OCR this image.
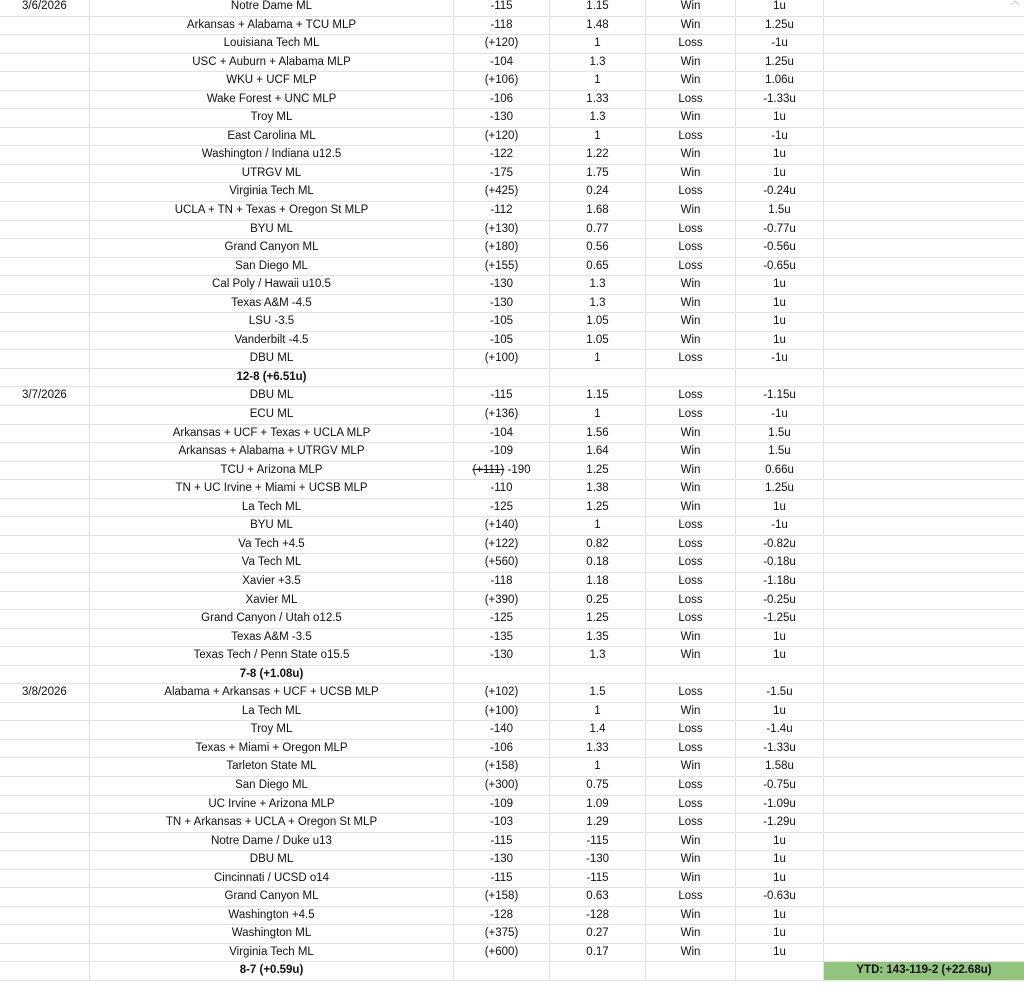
3/6/2026	Notre Dame ML	-115	1.15	Win	1u
Arkansas + Alabama + TCU MLP	-118	1.48	Win	1.25u
Louisiana Tech ML	(+120)	1	Loss	-1u
USC + Auburn + Alabama MLP	-104	1.3	Win	1.25u
WKU + UCF MLP	(+106)	1	Win	1.06u
Wake Forest + UNC MLP	-106	1.33	Loss	-1.33u
Troy ML	-130	1.3	Win	1u
East Carolina ML	(+120)	1	Loss	-1u
Washington / Indiana u12.5	-122	1.22	Win	1u
UTRGV ML	-175	1.75	Win	1u
Virginia Tech ML	(+425)	0.24	Loss	-0.24u
UCLA + TN + Texas + Oregon St MLP	-112	1.68	Win	1.5u
BYU ML	(+130)	0.77	Loss	-0.77u
Grand Canyon ML	(+180)	0.56	Loss	-0.56u
San Diego ML	(+155)	0.65	Loss	-0.65u
Cal Poly / Hawaii u10.5	-130	1.3	Win	1u
Texas A&M -4.5	-130	1.3	Win	1u
LSU -3.5	-105	1.05	Win	1u
Vanderbilt -4.5	-105	1.05	Win	1u
DBU ML	(+100)	1	Loss	-1u
12-8 (+6.51u)
3/7/2026	DBU ML	-115	1.15	Loss	-1.15u
ECU ML	(+136)	1	Loss	-1u
Arkansas + UCF + Texas + UCLA MLP	-104	1.56	Win	1.5u
Arkansas + Alabama + UTRGV MLP	-109	1.64	Win	1.5u
TCU + Arizona MLP	(+111) -190	1.25	Win	0.66u
TN + UC Irvine + Miami + UCSB MLP	-110	1.38	Win	1.25u
La Tech ML	-125	1.25	Win	1u
BYU ML	(+140)	1	Loss	-1u
Va Tech +4.5	(+122)	0.82	Loss	-0.82u
Va Tech ML	(+560)	0.18	Loss	-0.18u
Xavier +3.5	-118	1.18	Loss	-1.18u
Xavier ML	(+390)	0.25	Loss	-0.25u
Grand Canyon / Utah o12.5	-125	1.25	Loss	-1.25u
Texas A&M -3.5	-135	1.35	Win	1u
Texas Tech / Penn State o15.5	-130	1.3	Win	1u
7-8 (+1.08u)
3/8/2026	Alabama + Arkansas + UCF + UCSB MLP	(+102)	1.5	Loss	-1.5u
La Tech ML	(+100)	1	Win	1u
Troy ML	-140	1.4	Loss	-1.4u
Texas + Miami + Oregon MLP	-106	1.33	Loss	-1.33u
Tarleton State ML	(+158)	1	Win	1.58u
San Diego ML	(+300)	0.75	Loss	-0.75u
UC Irvine + Arizona MLP	-109	1.09	Loss	-1.09u
TN + Arkansas + UCLA + Oregon St MLP	-103	1.29	Loss	-1.29u
Notre Dame / Duke u13	-115	-115	Win	1u
DBU ML	-130	-130	Win	1u
Cincinnati / UCSD o14	-115	-115	Win	1u
Grand Canyon ML	(+158)	0.63	Loss	-0.63u
Washington +4.5	-128	-128	Win	1u
Washington ML	(+375)	0.27	Win	1u
Virginia Tech ML	(+600)	0.17	Win	1u
8-7 (+0.59u)	YTD: 143-119-2 (+22.68u)
